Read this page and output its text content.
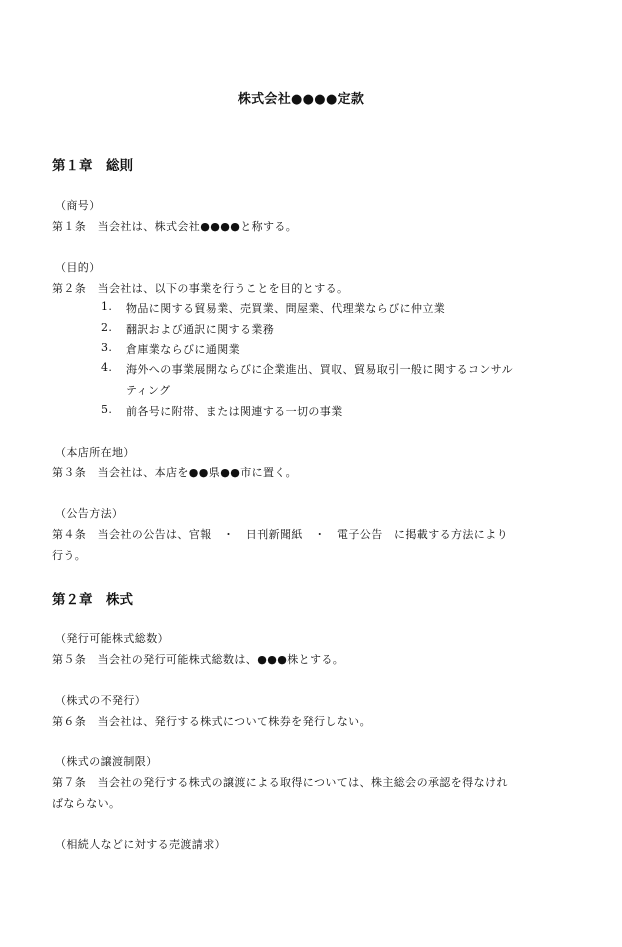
株式会社●●●●定款
第１章　総則
（商号）
第１条　当会社は、株式会社●●●●と称する。
（目的）
第２条　当会社は、以下の事業を行うことを目的とする。
1. 物品に関する貿易業、売買業、問屋業、代理業ならびに仲立業
2. 翻訳および通訳に関する業務
3. 倉庫業ならびに通関業
4. 海外への事業展開ならびに企業進出、買収、貿易取引一般に関するコンサル
ティング
5. 前各号に附帯、または関連する一切の事業
（本店所在地）
第３条　当会社は、本店を●●県●●市に置く。
（公告方法）
第４条　当会社の公告は、官報　・　日刊新聞紙　・　電子公告　に掲載する方法により
行う。
第２章　株式
（発行可能株式総数）
第５条　当会社の発行可能株式総数は、●●●株とする。
（株式の不発行）
第６条　当会社は、発行する株式について株券を発行しない。
（株式の譲渡制限）
第７条　当会社の発行する株式の譲渡による取得については、株主総会の承認を得なけれ
ばならない。
（相続人などに対する売渡請求）
